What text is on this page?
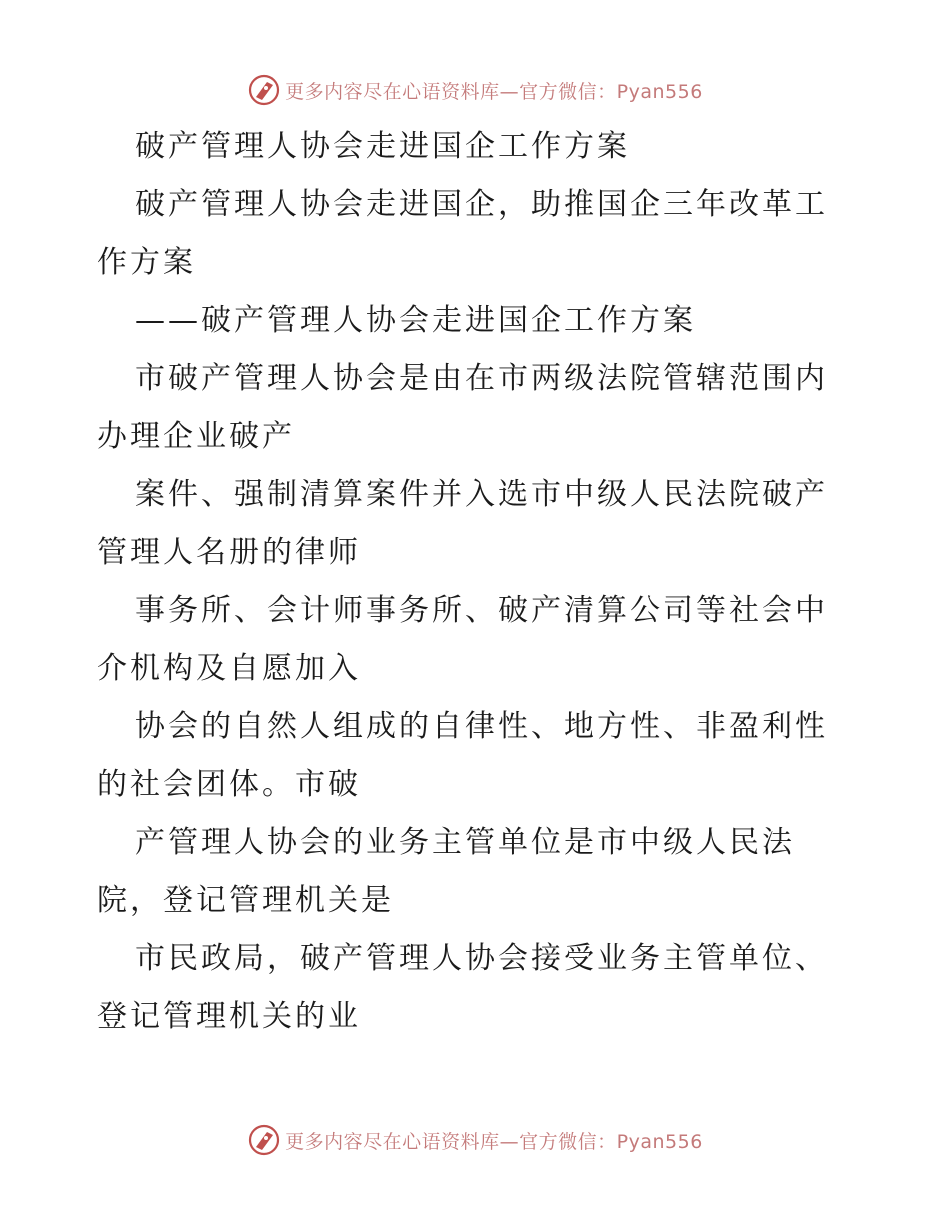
更多内容尽在心语资料库—官方微信：Pyan556
破产管理人协会走进国企工作方案
破产管理人协会走进国企，助推国企三年改革工
作方案
——破产管理人协会走进国企工作方案
市破产管理人协会是由在市两级法院管辖范围内
办理企业破产
案件、强制清算案件并入选市中级人民法院破产
管理人名册的律师
事务所、会计师事务所、破产清算公司等社会中
介机构及自愿加入
协会的自然人组成的自律性、地方性、非盈利性
的社会团体。市破
产管理人协会的业务主管单位是市中级人民法
院，登记管理机关是
市民政局，破产管理人协会接受业务主管单位、
登记管理机关的业
更多内容尽在心语资料库—官方微信：Pyan556
